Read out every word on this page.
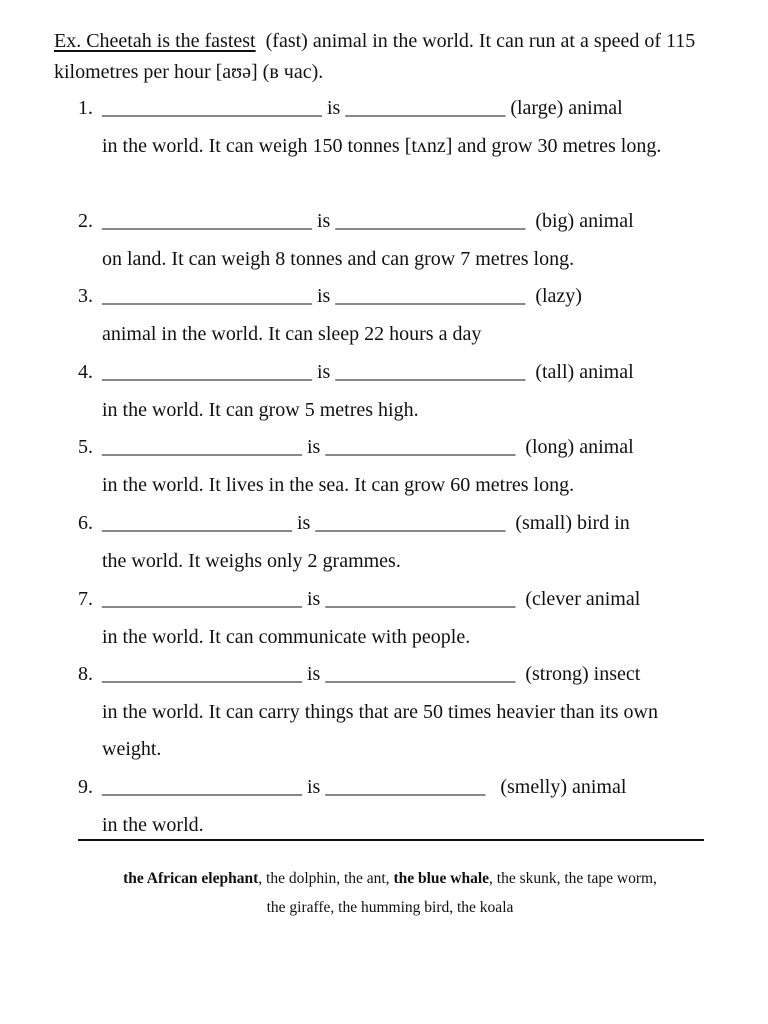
Ex. Cheetah is the fastest  (fast) animal in the world. It can run at a speed of 115 kilometres per hour [aʊə] (в час).
1. ______________________ is ________________ (large) animal
in the world. It can weigh 150 tonnes [tʌnz] and grow 30 metres long.
2. _____________________ is ___________________  (big) animal
on land. It can weigh 8 tonnes and can grow 7 metres long.
3. _____________________ is ___________________  (lazy)
animal in the world. It can sleep 22 hours a day
4. _____________________ is ___________________  (tall) animal
in the world. It can grow 5 metres high.
5. ____________________ is ___________________  (long) animal
in the world. It lives in the sea. It can grow 60 metres long.
6. ___________________ is ___________________  (small) bird in
the world. It weighs only 2 grammes.
7. ____________________ is ___________________  (clever animal
in the world. It can communicate with people.
8. ____________________ is ___________________  (strong) insect
in the world. It can carry things that are 50 times heavier than its own weight.
9. ____________________ is ________________   (smelly) animal
in the world.
the African elephant, the dolphin, the ant, the blue whale, the skunk, the tape worm,
the giraffe, the humming bird, the koala
